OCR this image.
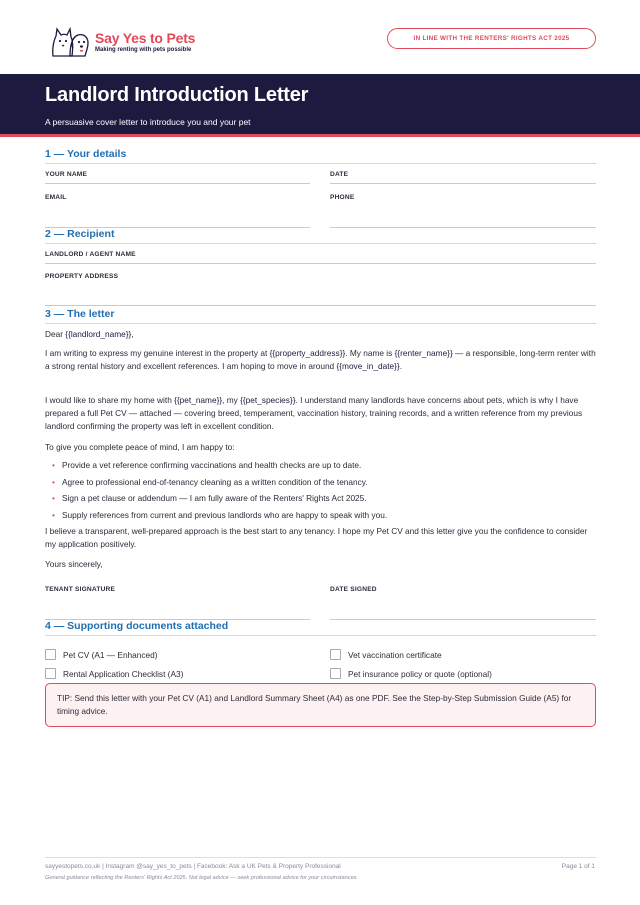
Say Yes to Pets
Making renting with pets possible
IN LINE WITH THE RENTERS' RIGHTS ACT 2025
Landlord Introduction Letter
A persuasive cover letter to introduce you and your pet
1 — Your details
YOUR NAME	DATE
EMAIL	PHONE
2 — Recipient
LANDLORD / AGENT NAME
PROPERTY ADDRESS
3 — The letter

Dear {{landlord_name}},

I am writing to express my genuine interest in the property at {{property_address}}. My name is {{renter_name}} — a responsible, long-term renter with a strong rental history and excellent references. I am hoping to move in around {{move_in_date}}.

I would like to share my home with {{pet_name}}, my {{pet_species}}. I understand many landlords have concerns about pets, which is why I have prepared a full Pet CV — attached — covering breed, temperament, vaccination history, training records, and a written reference from my previous landlord confirming the property was left in excellent condition.

To give you complete peace of mind, I am happy to:

• Provide a vet reference confirming vaccinations and health checks are up to date.
• Agree to professional end-of-tenancy cleaning as a written condition of the tenancy.
• Sign a pet clause or addendum — I am fully aware of the Renters' Rights Act 2025.
• Supply references from current and previous landlords who are happy to speak with you.

I believe a transparent, well-prepared approach is the best start to any tenancy. I hope my Pet CV and this letter give you the confidence to consider my application positively.

Yours sincerely,

TENANT SIGNATURE	DATE SIGNED
4 — Supporting documents attached
Pet CV (A1 — Enhanced)	Vet vaccination certificate
Rental Application Checklist (A3)	Pet insurance policy or quote (optional)
TIP: Send this letter with your Pet CV (A1) and Landlord Summary Sheet (A4) as one PDF. See the Step-by-Step Submission Guide (A5) for timing advice.
sayyestopets.co.uk | Instagram @say_yes_to_pets | Facebook: Ask a UK Pets & Property Professional	Page 1 of 1
General guidance reflecting the Renters' Rights Act 2025. Not legal advice — seek professional advice for your circumstances.
